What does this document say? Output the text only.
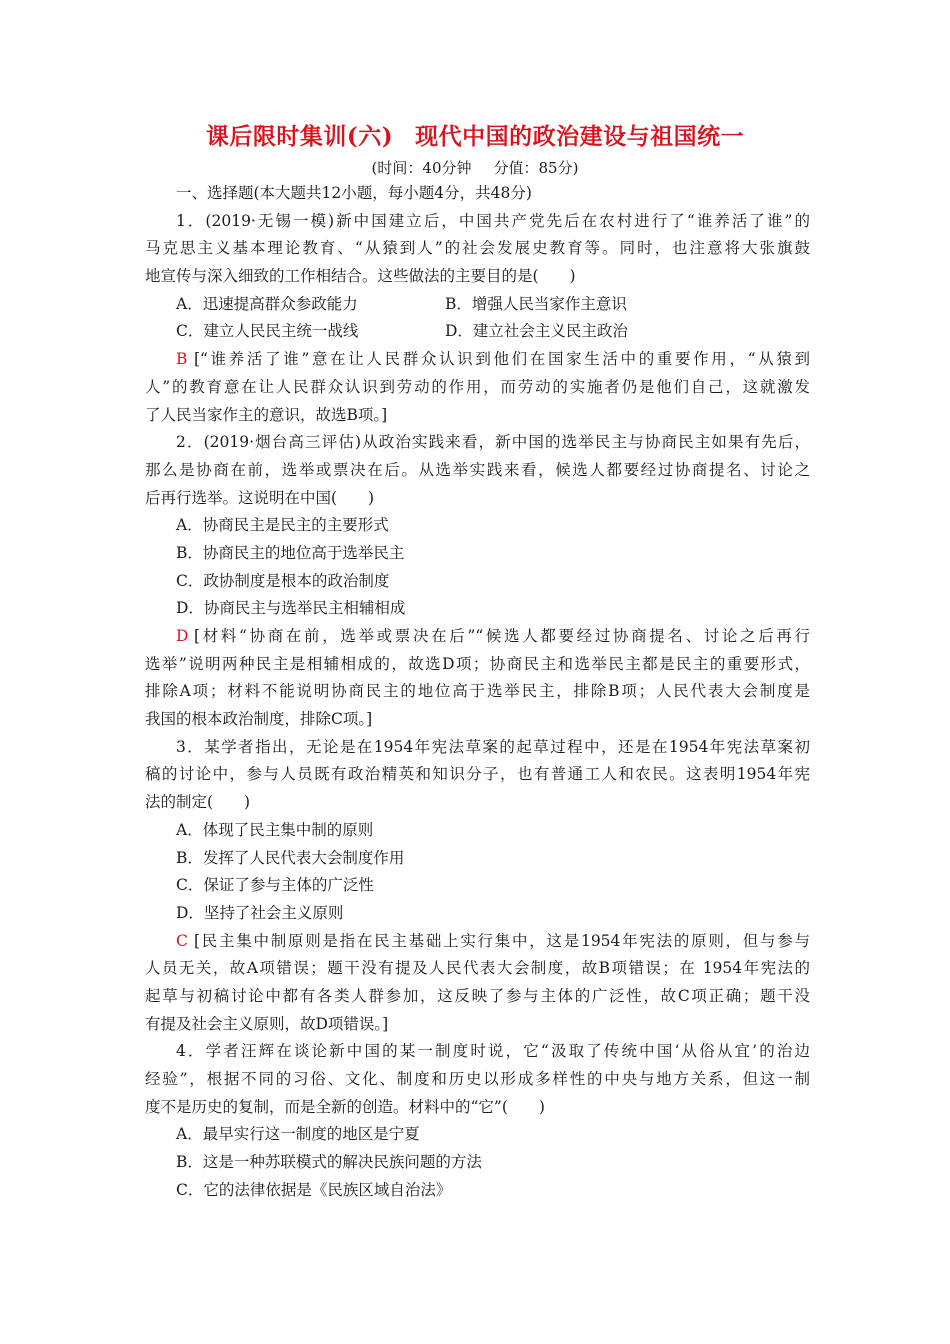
课后限时集训(六) 现代中国的政治建设与祖国统一
(时间：40分钟 分值：85分)
一、选择题(本大题共12小题，每小题4分，共48分)
1．(2019·无锡一模)新中国建立后，中国共产党先后在农村进行了“谁养活了谁”的
马克思主义基本理论教育、“从猿到人”的社会发展史教育等。同时，也注意将大张旗鼓
地宣传与深入细致的工作相结合。这些做法的主要目的是(　　)
A．迅速提高群众参政能力	B．增强人民当家作主意识
C．建立人民民主统一战线	D．建立社会主义民主政治
B [“谁养活了谁”意在让人民群众认识到他们在国家生活中的重要作用，“从猿到
人”的教育意在让人民群众认识到劳动的作用，而劳动的实施者仍是他们自己，这就激发
了人民当家作主的意识，故选B项。]
2．(2019·烟台高三评估)从政治实践来看，新中国的选举民主与协商民主如果有先后，
那么是协商在前，选举或票决在后。从选举实践来看，候选人都要经过协商提名、讨论之
后再行选举。这说明在中国(　　)
A．协商民主是民主的主要形式
B．协商民主的地位高于选举民主
C．政协制度是根本的政治制度
D．协商民主与选举民主相辅相成
D [材料“协商在前，选举或票决在后”“候选人都要经过协商提名、讨论之后再行
选举”说明两种民主是相辅相成的，故选D项；协商民主和选举民主都是民主的重要形式，
排除A项；材料不能说明协商民主的地位高于选举民主，排除B项；人民代表大会制度是
我国的根本政治制度，排除C项。]
3．某学者指出，无论是在1954年宪法草案的起草过程中，还是在1954年宪法草案初
稿的讨论中，参与人员既有政治精英和知识分子，也有普通工人和农民。这表明1954年宪
法的制定(　　)
A．体现了民主集中制的原则
B．发挥了人民代表大会制度作用
C．保证了参与主体的广泛性
D．坚持了社会主义原则
C [民主集中制原则是指在民主基础上实行集中，这是1954年宪法的原则，但与参与
人员无关，故A项错误；题干没有提及人民代表大会制度，故B项错误；在 1954年宪法的
起草与初稿讨论中都有各类人群参加，这反映了参与主体的广泛性，故C项正确；题干没
有提及社会主义原则，故D项错误。]
4．学者汪辉在谈论新中国的某一制度时说，它“汲取了传统中国‘从俗从宜’的治边
经验”，根据不同的习俗、文化、制度和历史以形成多样性的中央与地方关系，但这一制
度不是历史的复制，而是全新的创造。材料中的“它”(　　)
A．最早实行这一制度的地区是宁夏
B．这是一种苏联模式的解决民族问题的方法
C．它的法律依据是《民族区域自治法》
